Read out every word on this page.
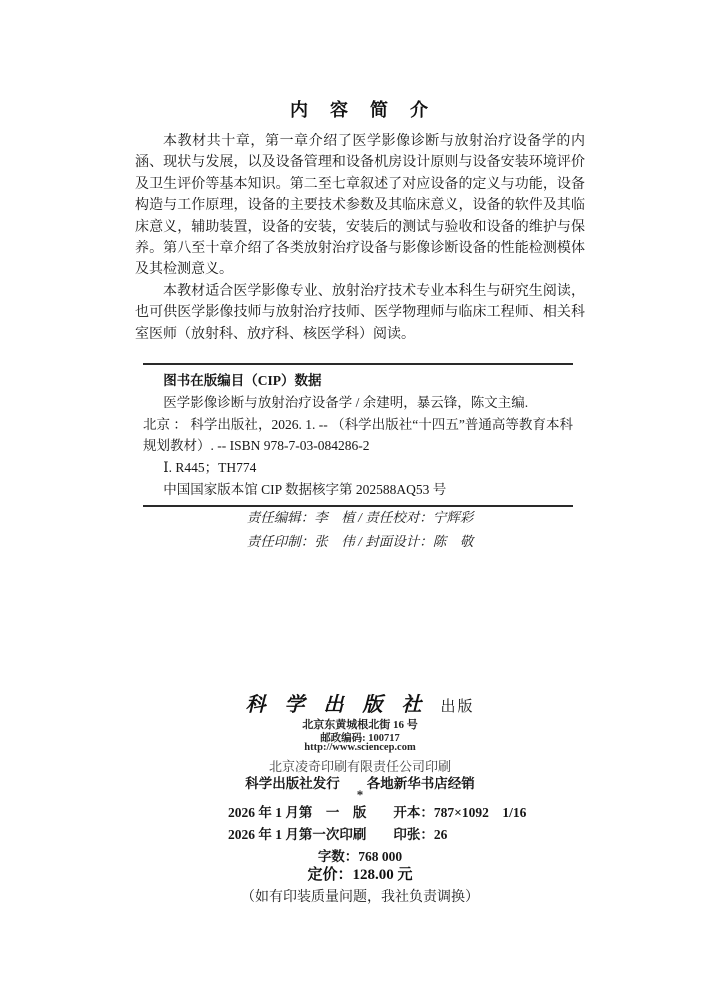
内　容　简　介

本教材共十章，第一章介绍了医学影像诊断与放射治疗设备学的内涵、现状与发展，以及设备管理和设备机房设计原则与设备安装环境评价及卫生评价等基本知识。第二至七章叙述了对应设备的定义与功能，设备构造与工作原理，设备的主要技术参数及其临床意义，设备的软件及其临床意义，辅助装置，设备的安装，安装后的测试与验收和设备的维护与保养。第八至十章介绍了各类放射治疗设备与影像诊断设备的性能检测模体及其检测意义。

本教材适合医学影像专业、放射治疗技术专业本科生与研究生阅读，也可供医学影像技师与放射治疗技师、医学物理师与临床工程师、相关科室医师（放射科、放疗科、核医学科）阅读。

图书在版编目（CIP）数据

医学影像诊断与放射治疗设备学 / 余建明，暴云锋，陈文主编.

北京 ： 科学出版社，2026. 1. -- （科学出版社“十四五”普通高等教育本科规划教材）. -- ISBN 978-7-03-084286-2

Ⅰ. R445；TH774

中国国家版本馆 CIP 数据核字第 202588AQ53 号

责任编辑：李　植 / 责任校对：宁辉彩

责任印制：张　伟 / 封面设计：陈　敬

科 学 出 版 社 出版
北京东黄城根北街 16 号
邮政编码: 100717
http://www.sciencep.com
北京凌奇印刷有限责任公司印刷
科学出版社发行　　各地新华书店经销
*

2026 年 1 月第　一　版　　开本：787×1092　1/16

2026 年 1 月第一次印刷　　印张：26

字数：768 000
定价：128.00 元
（如有印装质量问题，我社负责调换）
